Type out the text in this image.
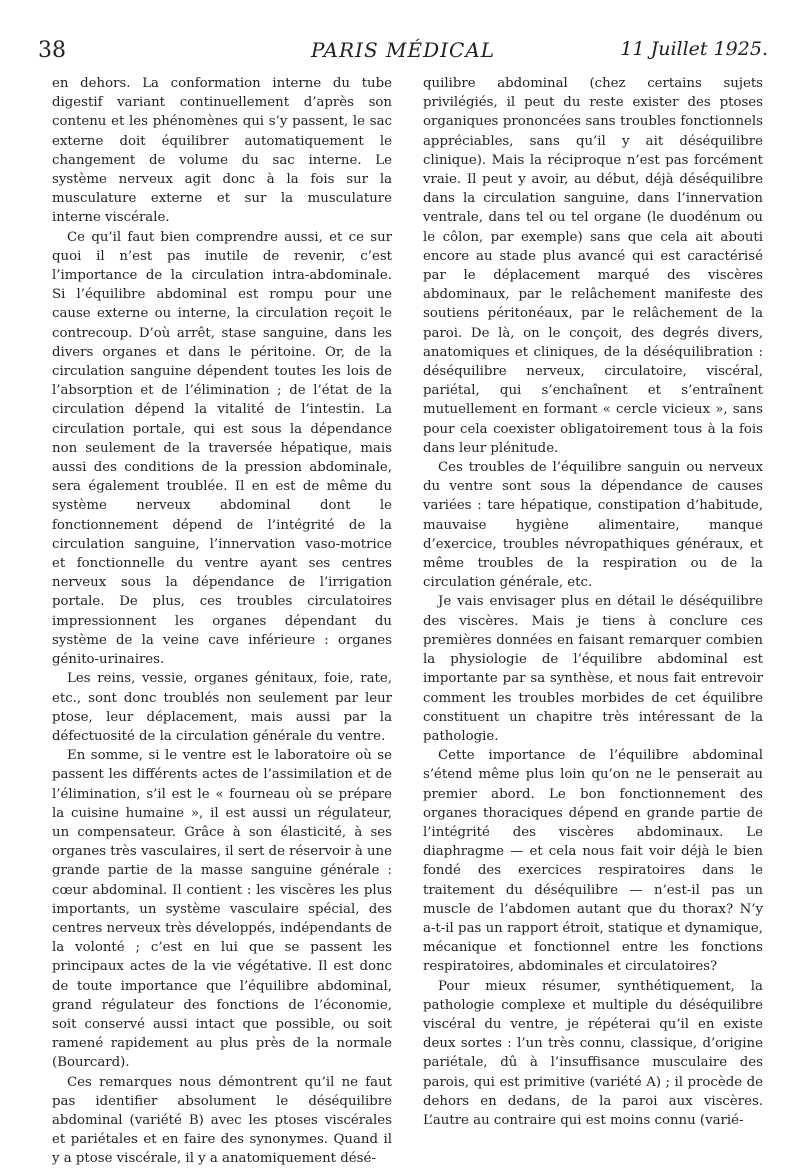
38	PARIS MÉDICAL	11 Juillet 1925.

en dehors. La conformation interne du tube digestif variant continuellement d’après son contenu et les phénomènes qui s’y passent, le sac externe doit équilibrer automatiquement le changement de volume du sac interne. Le système nerveux agit donc à la fois sur la musculature externe et sur la musculature interne viscérale.

Ce qu’il faut bien comprendre aussi, et ce sur quoi il n’est pas inutile de revenir, c’est l’importance de la circulation intra-abdominale. Si l’équilibre abdominal est rompu pour une cause externe ou interne, la circulation reçoit le contrecoup. D’où arrêt, stase sanguine, dans les divers organes et dans le péritoine. Or, de la circulation sanguine dépendent toutes les lois de l’absorption et de l’élimination ; de l’état de la circulation dépend la vitalité de l’intestin. La circulation portale, qui est sous la dépendance non seulement de la traversée hépatique, mais aussi des conditions de la pression abdominale, sera également troublée. Il en est de même du système nerveux abdominal dont le fonctionnement dépend de l’intégrité de la circulation sanguine, l’innervation vaso-motrice et fonctionnelle du ventre ayant ses centres nerveux sous la dépendance de l’irrigation portale. De plus, ces troubles circulatoires impressionnent les organes dépendant du système de la veine cave inférieure : organes génito-urinaires.

Les reins, vessie, organes génitaux, foie, rate, etc., sont donc troublés non seulement par leur ptose, leur déplacement, mais aussi par la défectuosité de la circulation générale du ventre.

En somme, si le ventre est le laboratoire où se passent les différents actes de l’assimilation et de l’élimination, s’il est le « fourneau où se prépare la cuisine humaine », il est aussi un régulateur, un compensateur. Grâce à son élasticité, à ses organes très vasculaires, il sert de réservoir à une grande partie de la masse sanguine générale : cœur abdominal. Il contient : les viscères les plus importants, un système vasculaire spécial, des centres nerveux très développés, indépendants de la volonté ; c’est en lui que se passent les principaux actes de la vie végétative. Il est donc de toute importance que l’équilibre abdominal, grand régulateur des fonctions de l’économie, soit conservé aussi intact que possible, ou soit ramené rapidement au plus près de la normale (Bourcard).

Ces remarques nous démontrent qu’il ne faut pas identifier absolument le déséquilibre abdominal (variété B) avec les ptoses viscérales et pariétales et en faire des synonymes. Quand il y a ptose viscérale, il y a anatomiquement désé-

quilibre abdominal (chez certains sujets privilégiés, il peut du reste exister des ptoses organiques prononcées sans troubles fonctionnels appréciables, sans qu’il y ait déséquilibre clinique). Mais la réciproque n’est pas forcément vraie. Il peut y avoir, au début, déjà déséquilibre dans la circulation sanguine, dans l’innervation ventrale, dans tel ou tel organe (le duodénum ou le côlon, par exemple) sans que cela ait abouti encore au stade plus avancé qui est caractérisé par le déplacement marqué des viscères abdominaux, par le relâchement manifeste des soutiens péritonéaux, par le relâchement de la paroi. De là, on le conçoit, des degrés divers, anatomiques et cliniques, de la déséquilibration : déséquilibre nerveux, circulatoire, viscéral, pariétal, qui s’enchaînent et s’entraînent mutuellement en formant « cercle vicieux », sans pour cela coexister obligatoirement tous à la fois dans leur plénitude.

Ces troubles de l’équilibre sanguin ou nerveux du ventre sont sous la dépendance de causes variées : tare hépatique, constipation d’habitude, mauvaise hygiène alimentaire, manque d’exercice, troubles névropathiques généraux, et même troubles de la respiration ou de la circulation générale, etc.

Je vais envisager plus en détail le déséquilibre des viscères. Mais je tiens à conclure ces premières données en faisant remarquer combien la physiologie de l’équilibre abdominal est importante par sa synthèse, et nous fait entrevoir comment les troubles morbides de cet équilibre constituent un chapitre très intéressant de la pathologie.

Cette importance de l’équilibre abdominal s’étend même plus loin qu’on ne le penserait au premier abord. Le bon fonctionnement des organes thoraciques dépend en grande partie de l’intégrité des viscères abdominaux. Le diaphragme — et cela nous fait voir déjà le bien fondé des exercices respiratoires dans le traitement du déséquilibre — n’est-il pas un muscle de l’abdomen autant que du thorax? N’y a-t-il pas un rapport étroit, statique et dynamique, mécanique et fonctionnel entre les fonctions respiratoires, abdominales et circulatoires?

Pour mieux résumer, synthétiquement, la pathologie complexe et multiple du déséquilibre viscéral du ventre, je répéterai qu’il en existe deux sortes : l’un très connu, classique, d’origine pariétale, dû à l’insuffisance musculaire des parois, qui est primitive (variété A) ; il procède de dehors en dedans, de la paroi aux viscères. L’autre au contraire qui est moins connu (varié-
